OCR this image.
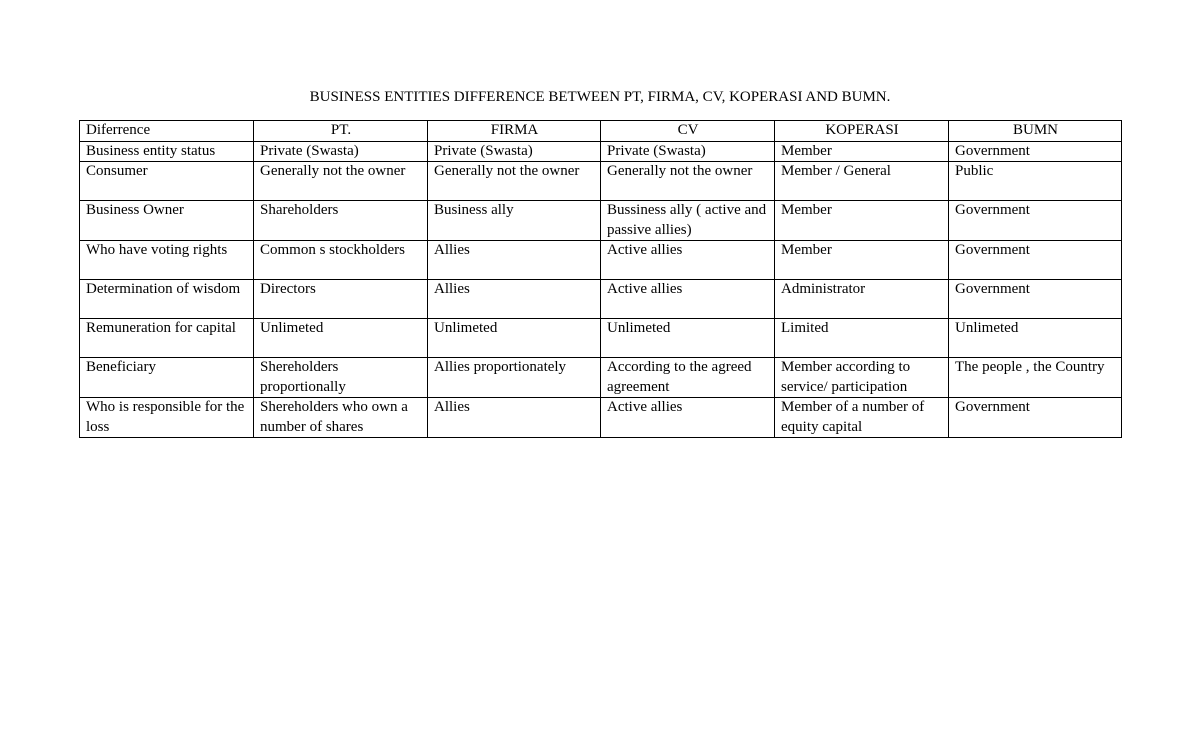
BUSINESS ENTITIES DIFFERENCE BETWEEN PT, FIRMA, CV, KOPERASI AND BUMN.
Diferrence	PT.	FIRMA	CV	KOPERASI	BUMN
Business entity status	Private (Swasta)	Private (Swasta)	Private (Swasta)	Member	Government
Consumer	Generally not the owner	Generally not the owner	Generally not the owner	Member / General	Public
Business Owner	Shareholders	Business ally	Bussiness ally ( active and passive allies)	Member	Government
Who have voting rights	Common s stockholders	Allies	Active allies	Member	Government
Determination of wisdom	Directors	Allies	Active allies	Administrator	Government
Remuneration for capital	Unlimeted	Unlimeted	Unlimeted	Limited	Unlimeted
Beneficiary	Shereholders proportionally	Allies proportionately	According to the agreed agreement	Member according to service/ participation	The people , the Country
Who is responsible for the loss	Shereholders who own a number of shares	Allies	Active allies	Member of a number of equity capital	Government
